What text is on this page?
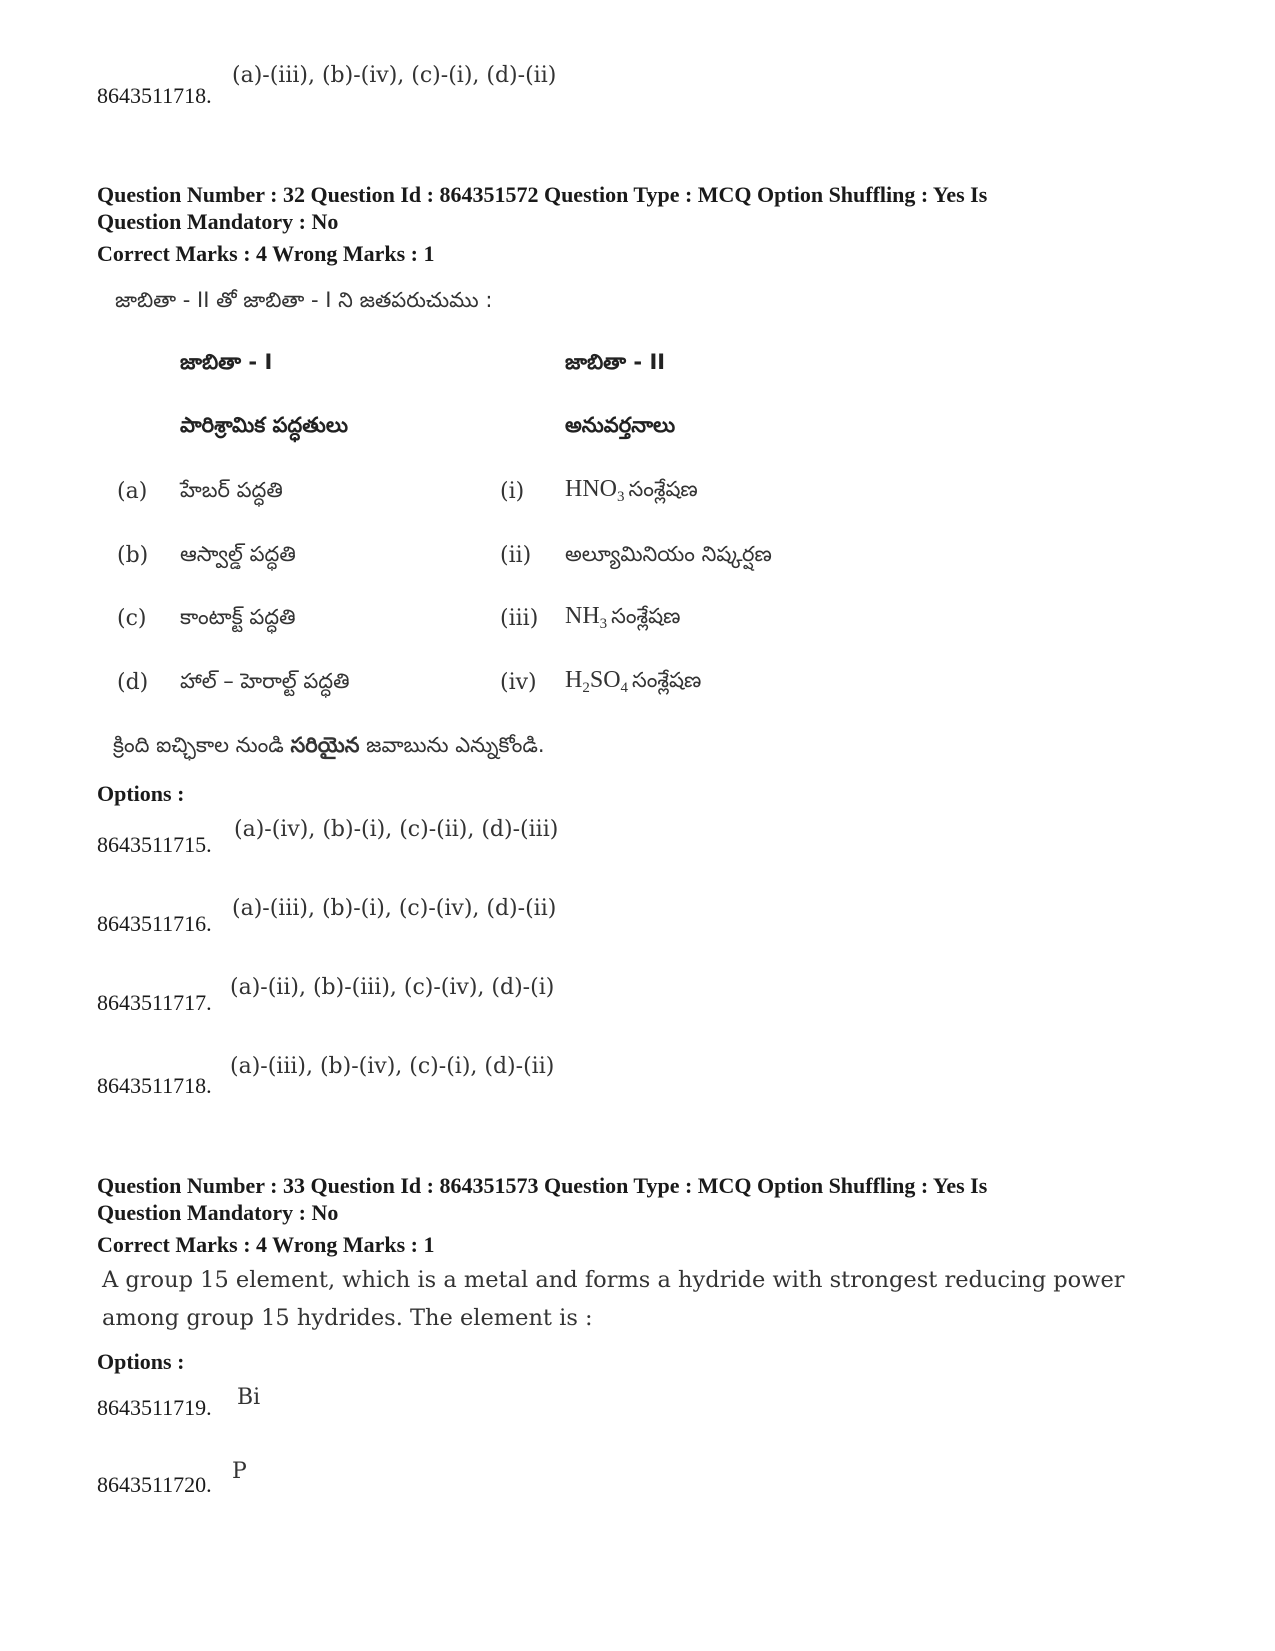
8643511718.
(a)-(iii), (b)-(iv), (c)-(i), (d)-(ii)
Question Number : 32 Question Id : 864351572 Question Type : MCQ Option Shuffling : Yes Is
Question Mandatory : No
Correct Marks : 4 Wrong Marks : 1
జాబితా - II తో జాబితా - I ని జతపరుచుము :
జాబితా - I	జాబితా - II
పారిశ్రామిక పద్ధతులు	అనువర్తనాలు
(a) హేబర్ పద్ధతి	(i) $HNO_3$ సంశ్లేషణ
(b) ఆస్వాల్డ్ పద్ధతి	(ii) అల్యూమినియం నిష్కర్షణ
(c) కాంటాక్ట్ పద్ధతి	(iii) $NH_3$ సంశ్లేషణ
(d) హాల్ – హెరాల్ట్ పద్ధతి	(iv) $H_2SO_4$ సంశ్లేషణ
క్రింది ఐచ్ఛికాల నుండి సరియైన జవాబును ఎన్నుకోండి.
Options :
8643511715.
(a)-(iv), (b)-(i), (c)-(ii), (d)-(iii)
8643511716.
(a)-(iii), (b)-(i), (c)-(iv), (d)-(ii)
8643511717.
(a)-(ii), (b)-(iii), (c)-(iv), (d)-(i)
8643511718.
(a)-(iii), (b)-(iv), (c)-(i), (d)-(ii)
Question Number : 33 Question Id : 864351573 Question Type : MCQ Option Shuffling : Yes Is
Question Mandatory : No
Correct Marks : 4 Wrong Marks : 1
A group 15 element, which is a metal and forms a hydride with strongest reducing power
among group 15 hydrides. The element is :
Options :
8643511719. Bi
8643511720.
P
